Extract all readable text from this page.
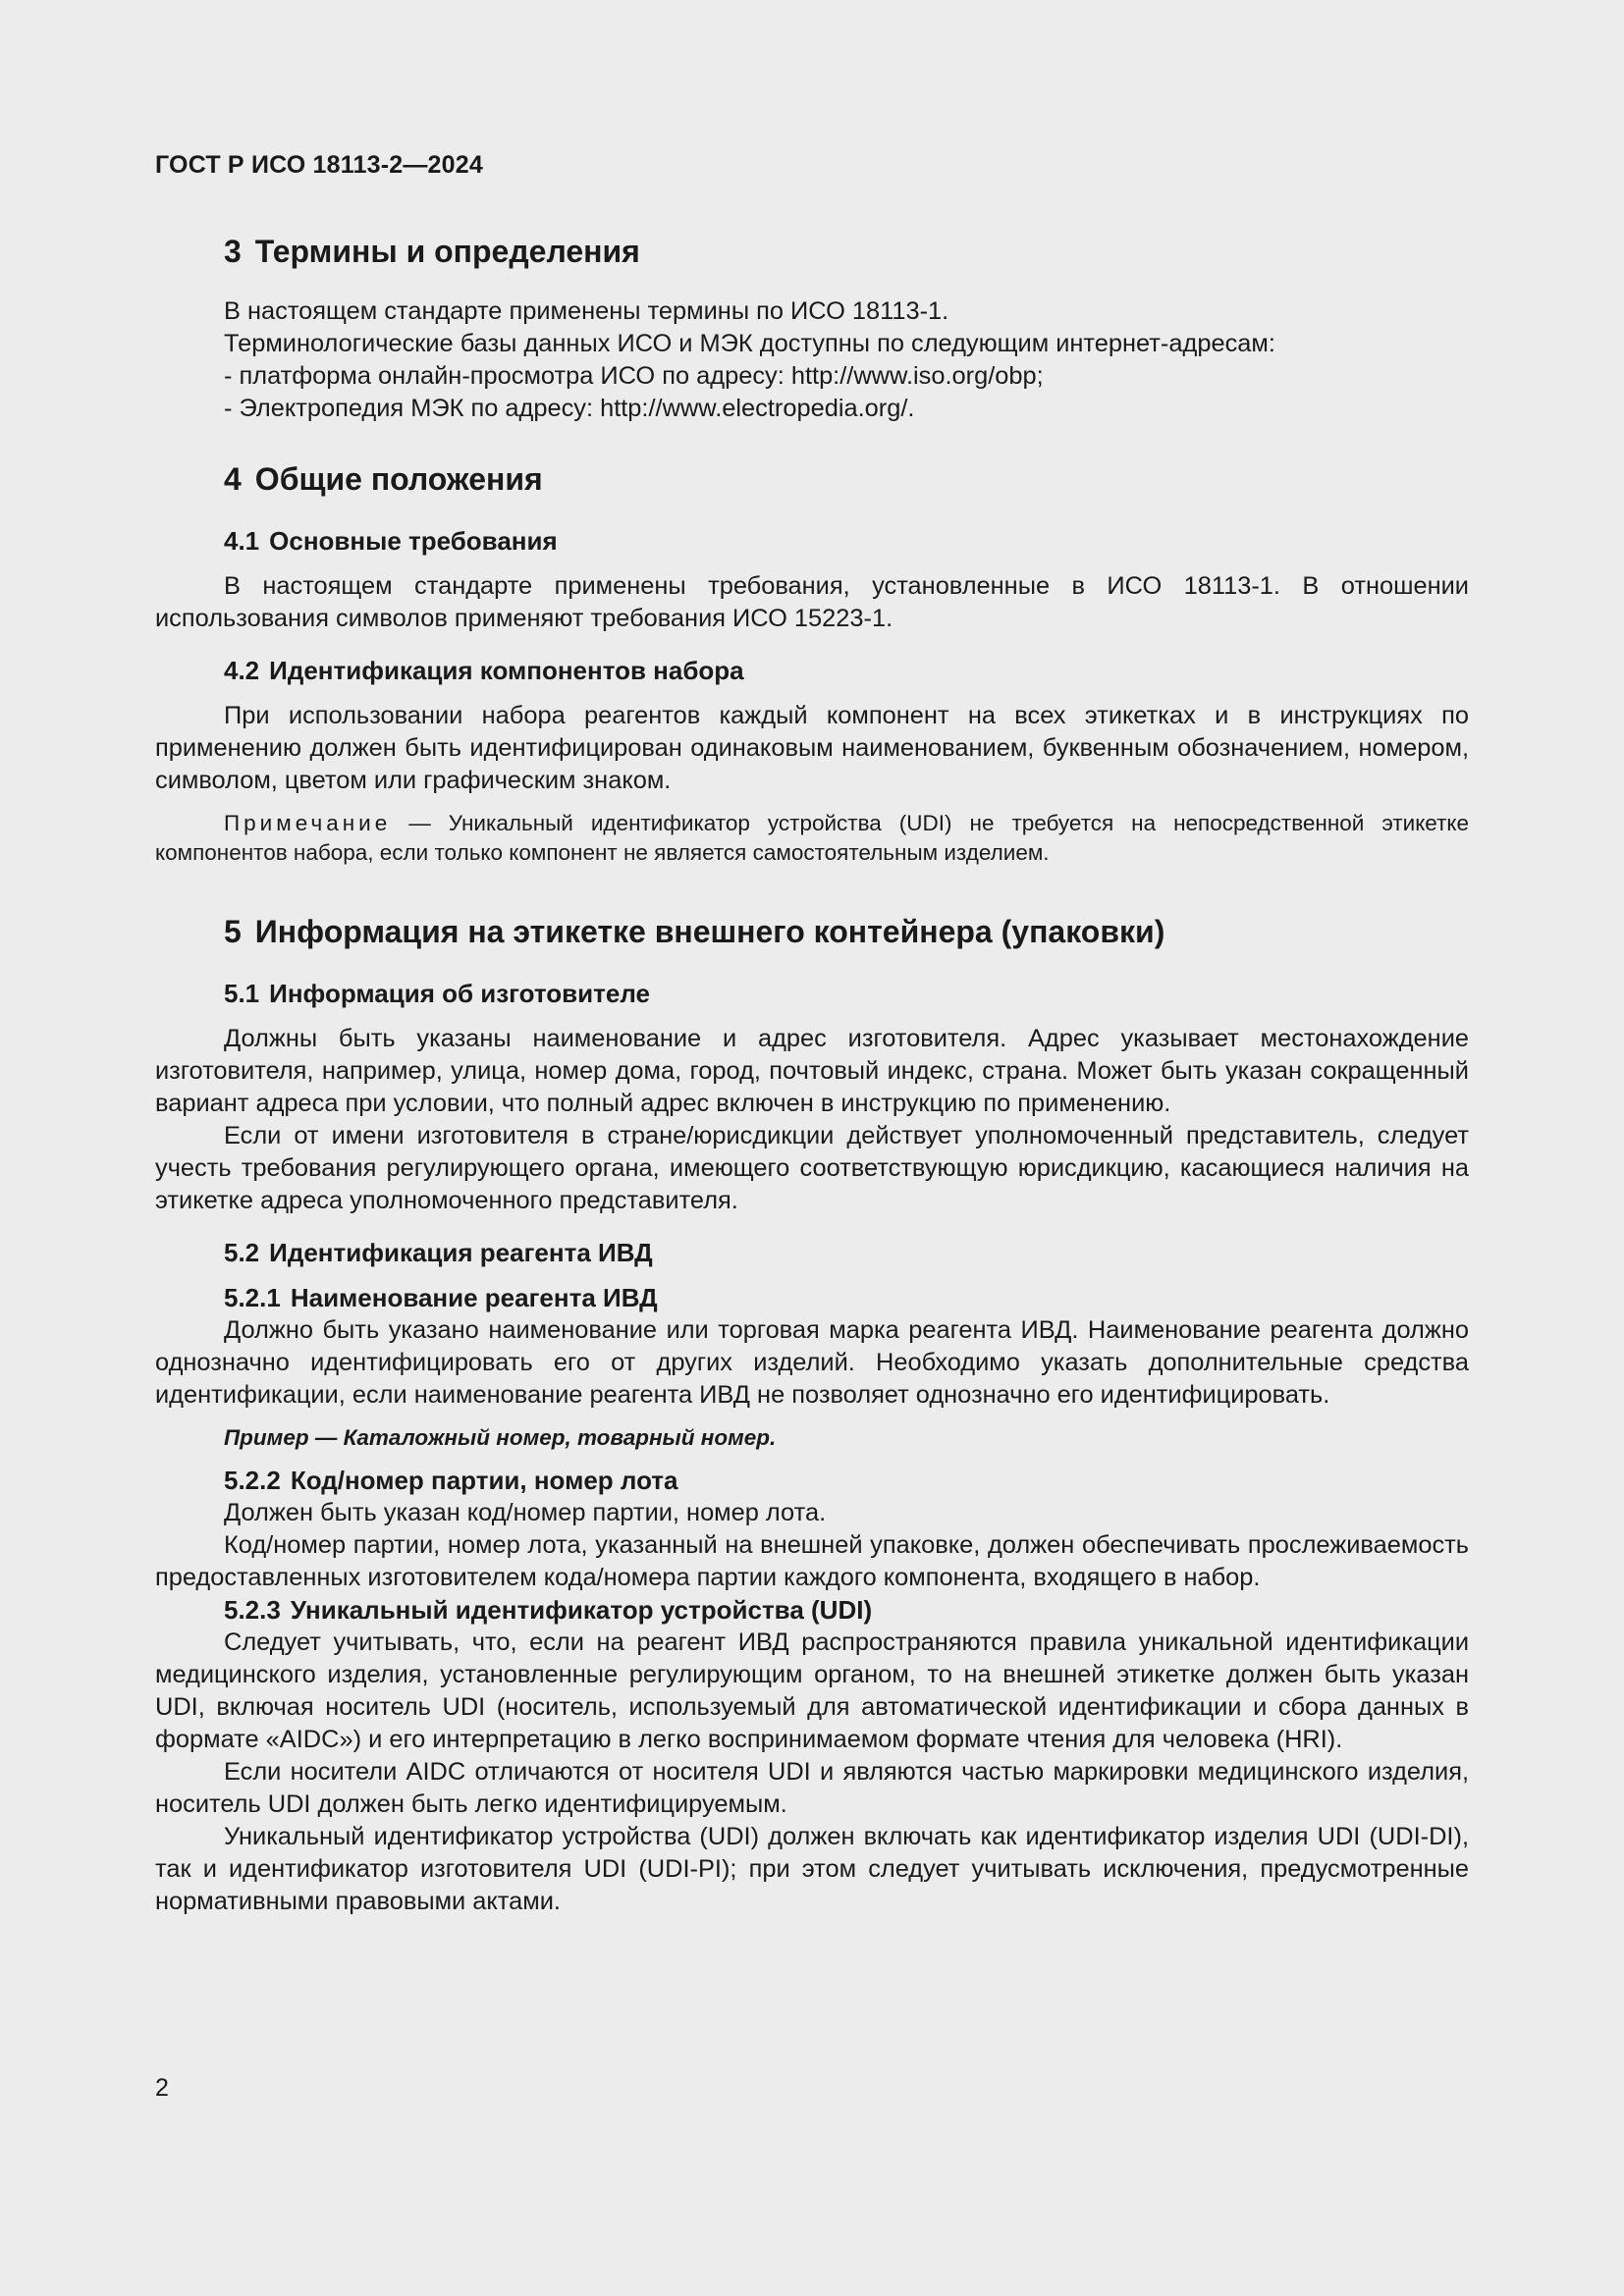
ГОСТ Р ИСО 18113-2—2024
3 Термины и определения

В настоящем стандарте применены термины по ИСО 18113-1.

Терминологические базы данных ИСО и МЭК доступны по следующим интернет-адресам:

- платформа онлайн-просмотра ИСО по адресу: http://www.iso.org/obp;

- Электропедия МЭК по адресу: http://www.electropedia.org/.

4 Общие положения
4.1 Основные требования

В настоящем стандарте применены требования, установленные в ИСО 18113-1. В отношении использования символов применяют требования ИСО 15223-1.

4.2 Идентификация компонентов набора

При использовании набора реагентов каждый компонент на всех этикетках и в инструкциях по применению должен быть идентифицирован одинаковым наименованием, буквенным обозначением, номером, символом, цветом или графическим знаком.

Примечание — Уникальный идентификатор устройства (UDI) не требуется на непосредственной этикетке компонентов набора, если только компонент не является самостоятельным изделием.

5 Информация на этикетке внешнего контейнера (упаковки)
5.1 Информация об изготовителе

Должны быть указаны наименование и адрес изготовителя. Адрес указывает местонахождение изготовителя, например, улица, номер дома, город, почтовый индекс, страна. Может быть указан сокращенный вариант адреса при условии, что полный адрес включен в инструкцию по применению.

Если от имени изготовителя в стране/юрисдикции действует уполномоченный представитель, следует учесть требования регулирующего органа, имеющего соответствующую юрисдикцию, касающиеся наличия на этикетке адреса уполномоченного представителя.

5.2 Идентификация реагента ИВД
5.2.1 Наименование реагента ИВД

Должно быть указано наименование или торговая марка реагента ИВД. Наименование реагента должно однозначно идентифицировать его от других изделий. Необходимо указать дополнительные средства идентификации, если наименование реагента ИВД не позволяет однозначно его идентифицировать.

Пример — Каталожный номер, товарный номер.

5.2.2 Код/номер партии, номер лота

Должен быть указан код/номер партии, номер лота.

Код/номер партии, номер лота, указанный на внешней упаковке, должен обеспечивать прослеживаемость предоставленных изготовителем кода/номера партии каждого компонента, входящего в набор.

5.2.3 Уникальный идентификатор устройства (UDI)

Следует учитывать, что, если на реагент ИВД распространяются правила уникальной идентификации медицинского изделия, установленные регулирующим органом, то на внешней этикетке должен быть указан UDI, включая носитель UDI (носитель, используемый для автоматической идентификации и сбора данных в формате «AIDC») и его интерпретацию в легко воспринимаемом формате чтения для человека (HRI).

Если носители AIDC отличаются от носителя UDI и являются частью маркировки медицинского изделия, носитель UDI должен быть легко идентифицируемым.

Уникальный идентификатор устройства (UDI) должен включать как идентификатор изделия UDI (UDI-DI), так и идентификатор изготовителя UDI (UDI-PI); при этом следует учитывать исключения, предусмотренные нормативными правовыми актами.

2
